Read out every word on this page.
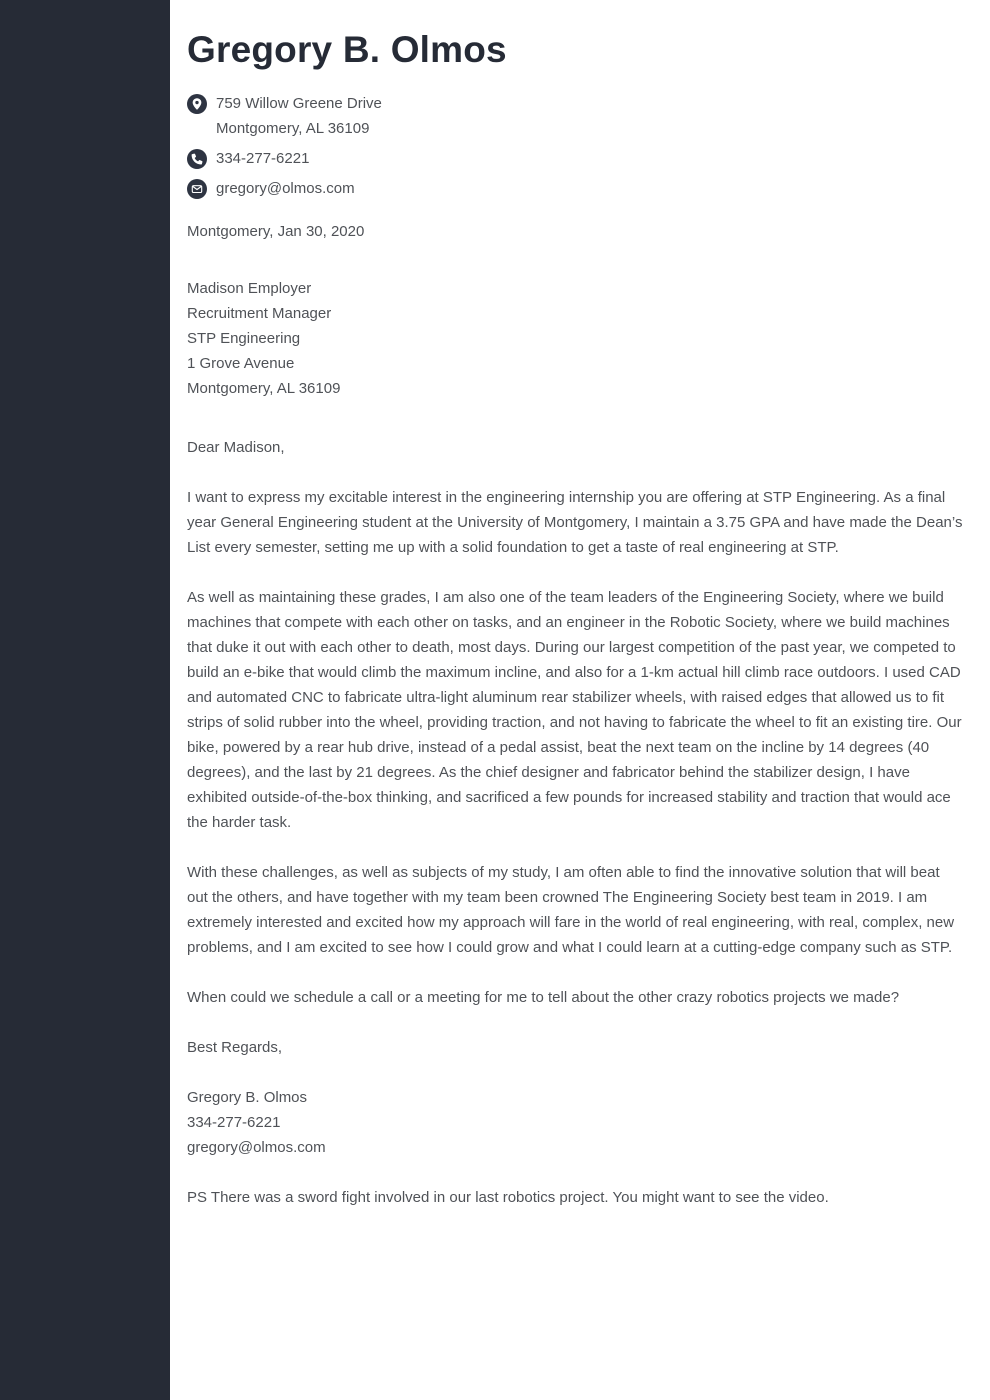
Gregory B. Olmos
759 Willow Greene Drive
Montgomery, AL 36109
334-277-6221
gregory@olmos.com
Montgomery, Jan 30, 2020
Madison Employer
Recruitment Manager
STP Engineering
1 Grove Avenue
Montgomery, AL 36109
Dear Madison,

I want to express my excitable interest in the engineering internship you are offering at STP Engineering. As a final year General Engineering student at the University of Montgomery, I maintain a 3.75 GPA and have made the Dean’s List every semester, setting me up with a solid foundation to get a taste of real engineering at STP.

As well as maintaining these grades, I am also one of the team leaders of the Engineering Society, where we build machines that compete with each other on tasks, and an engineer in the Robotic Society, where we build machines that duke it out with each other to death, most days. During our largest competition of the past year, we competed to build an e-bike that would climb the maximum incline, and also for a 1-km actual hill climb race outdoors. I used CAD and automated CNC to fabricate ultra-light aluminum rear stabilizer wheels, with raised edges that allowed us to fit strips of solid rubber into the wheel, providing traction, and not having to fabricate the wheel to fit an existing tire. Our bike, powered by a rear hub drive, instead of a pedal assist, beat the next team on the incline by 14 degrees (40 degrees), and the last by 21 degrees. As the chief designer and fabricator behind the stabilizer design, I have exhibited outside-of-the-box thinking, and sacrificed a few pounds for increased stability and traction that would ace the harder task.

With these challenges, as well as subjects of my study, I am often able to find the innovative solution that will beat out the others, and have together with my team been crowned The Engineering Society best team in 2019. I am extremely interested and excited how my approach will fare in the world of real engineering, with real, complex, new problems, and I am excited to see how I could grow and what I could learn at a cutting-edge company such as STP.

When could we schedule a call or a meeting for me to tell about the other crazy robotics projects we made?

Best Regards,
Gregory B. Olmos
334-277-6221
gregory@olmos.com
PS There was a sword fight involved in our last robotics project. You might want to see the video.
